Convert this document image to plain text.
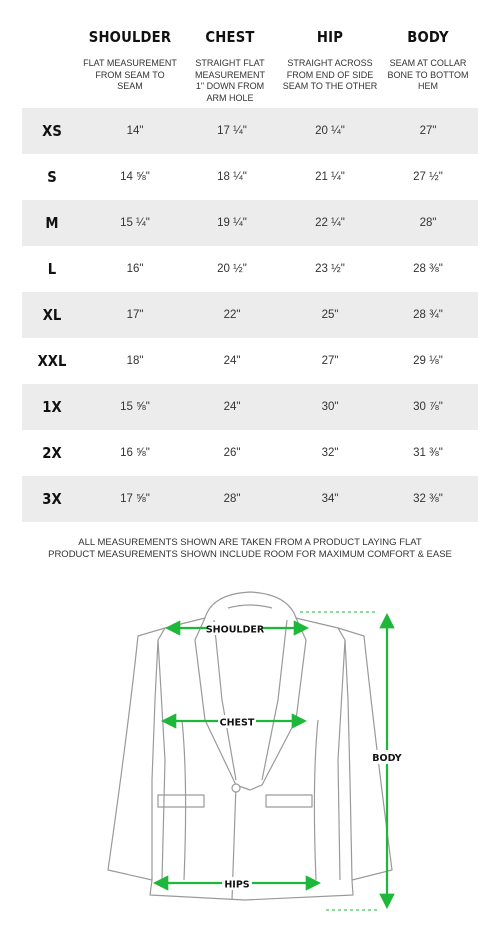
SHOULDER	CHEST	HIP	BODY
FLAT MEASUREMENT
FROM SEAM TO
SEAM
STRAIGHT FLAT
MEASUREMENT
1" DOWN FROM
ARM HOLE
STRAIGHT ACROSS
FROM END OF SIDE
SEAM TO THE OTHER
SEAM AT COLLAR
BONE TO BOTTOM
HEM
XS	14"	17 ¼"	20 ¼"	27"
S	14 ⅝"	18 ¼"	21 ¼"	27 ½"
M	15 ¼"	19 ¼"	22 ¼"	28"
L	16"	20 ½"	23 ½"	28 ⅜"
XL	17"	22"	25"	28 ¾"
XXL	18"	24"	27"	29 ⅛"
1X	15 ⅝"	24"	30"	30 ⅞"
2X	16 ⅝"	26"	32"	31 ⅜"
3X	17 ⅝"	28"	34"	32 ⅜"
ALL MEASUREMENTS SHOWN ARE TAKEN FROM A PRODUCT LAYING FLAT
PRODUCT MEASUREMENTS SHOWN INCLUDE ROOM FOR MAXIMUM COMFORT & EASE
SHOULDER
CHEST
HIPS
BODY
